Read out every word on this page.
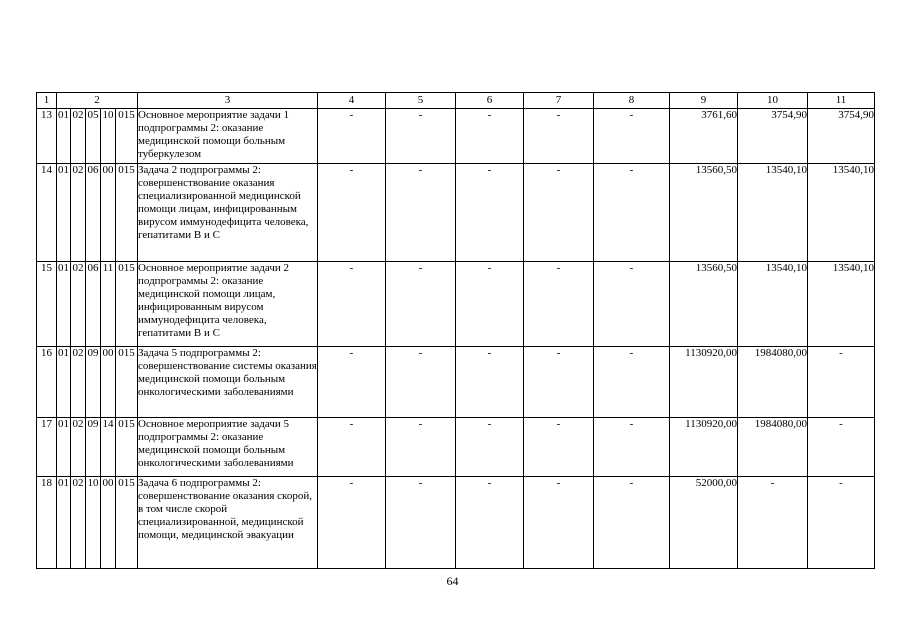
1	2					3	4	5	6	7	8	9	10	11
13	01	02	05	10	015	Основное мероприятие задачи 1 подпрограммы 2: оказание медицинской помощи больным туберкулезом	-	-	-	-	-	3761,60	3754,90	3754,90
14	01	02	06	00	015	Задача 2 подпрограммы 2: совершенствование оказания специализированной медицинской помощи лицам, инфицированным вирусом иммунодефицита человека, гепатитами В и С	-	-	-	-	-	13560,50	13540,10	13540,10
15	01	02	06	11	015	Основное мероприятие задачи 2 подпрограммы 2: оказание медицинской помощи лицам, инфицированным вирусом иммунодефицита человека, гепатитами В и С	-	-	-	-	-	13560,50	13540,10	13540,10
16	01	02	09	00	015	Задача 5 подпрограммы 2: совершенствование системы оказания медицинской помощи больным онкологическими заболеваниями	-	-	-	-	-	1130920,00	1984080,00	-
17	01	02	09	14	015	Основное мероприятие задачи 5 подпрограммы 2: оказание медицинской помощи больным онкологическими заболеваниями	-	-	-	-	-	1130920,00	1984080,00	-
18	01	02	10	00	015	Задача 6 подпрограммы 2: совершенствование оказания скорой, в том числе скорой специализированной, медицинской помощи, медицинской эвакуации	-	-	-	-	-	52000,00	-	-
64
